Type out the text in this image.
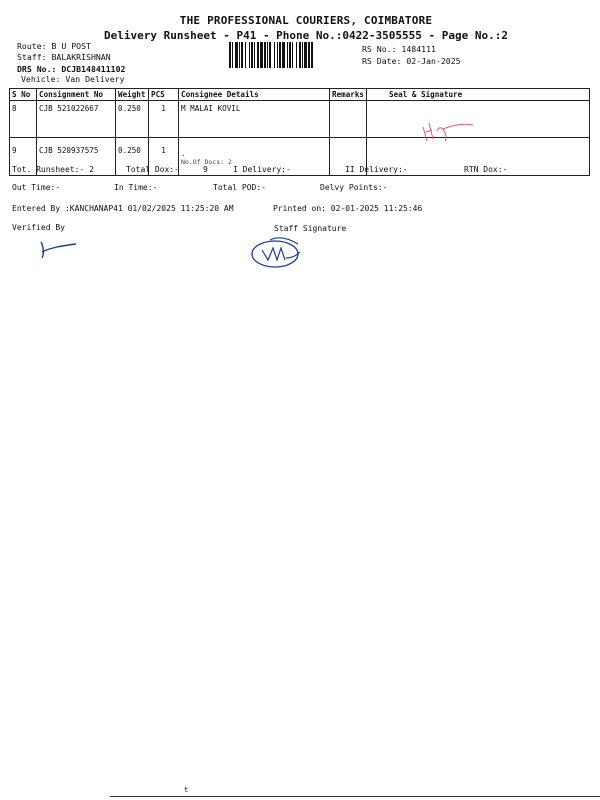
THE PROFESSIONAL COURIERS, COIMBATORE
Delivery Runsheet - P41 - Phone No.:0422-3505555 - Page No.:2
Route: B U POST
Staff: BALAKRISHNAN
DRS No.: DCJB148411102
Vehicle: Van Delivery
RS No.: 1484111
RS Date: 02-Jan-2025
S No	Consignment No	Weight	PCS	Consignee Details	Remarks	Seal & Signature
8	CJB 521022667	0.250	1	M MALAI KOVIL		

9	CJB 520937575	0.250	1	.
No.Of Docs: 2		

Tot. Runsheet:- 2	Total Dox:-	9	I Delivery:-	II Delivery:-	RTN Dox:-
Out Time:-	In Time:-	Total POD:-	Delvy Points:-
Entered By :KANCHANAP41 01/02/2025 11:25:20 AM	Printed on: 02-01-2025 11:25:46
Verified By	Staff Signature
t
